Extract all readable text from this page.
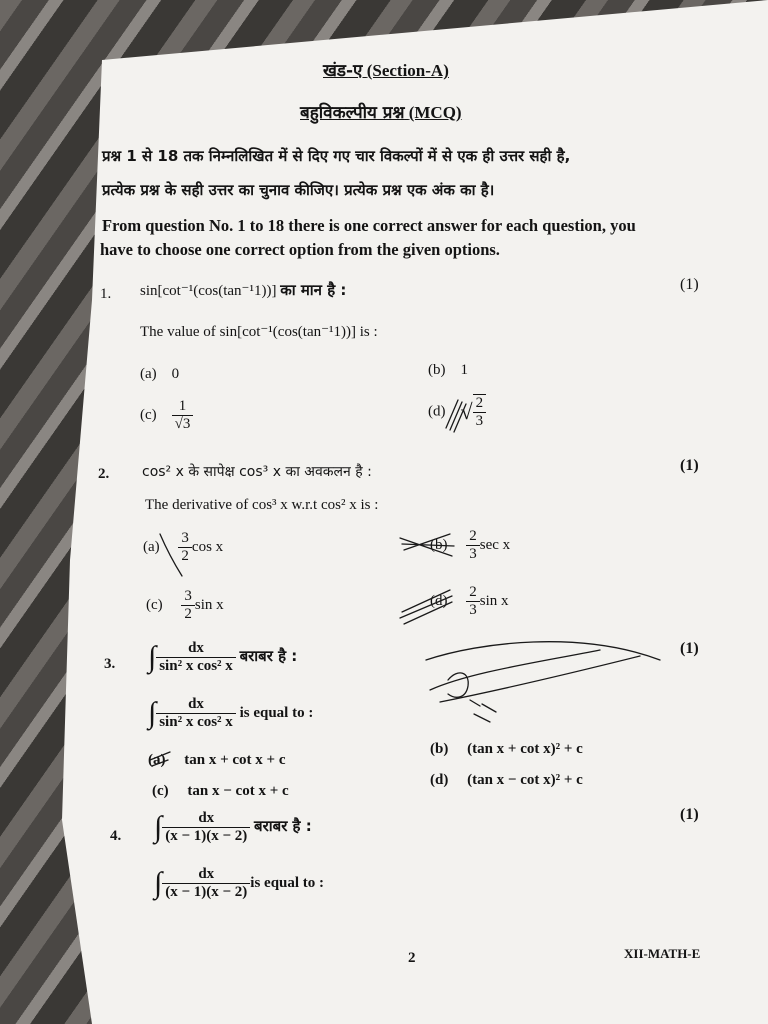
खंड-ए (Section-A)
बहुविकल्पीय प्रश्न (MCQ)
प्रश्न 1 से 18 तक निम्नलिखित में से दिए गए चार विकल्पों में से एक ही उत्तर सही है,
प्रत्येक प्रश्न के सही उत्तर का चुनाव कीजिए। प्रत्येक प्रश्न एक अंक का है।
From question No. 1 to 18 there is one correct answer for each question, you
have to choose one correct option from the given options.
1. sin[cot⁻¹(cos(tan⁻¹1))] का मान है :	(1)
The value of sin[cot⁻¹(cos(tan⁻¹1))] is :
(a) 0	(b) 1
$(c) \frac{1}{√3}$	(d) √ $\frac{2}{3}$
2. cos² x के सापेक्ष cos³ x का अवकलन है :	(1)
The derivative of cos³ x w.r.t cos² x is :
$(a) \frac{3}{2}$ cos x	$(b) \frac{2}{3}$ sec x
$(c) \frac{3}{2}$ sin x	$(d) \frac{2}{3}$ sin x
3. ∫ $\frac{dx}{\text{sin² x cos² x}}$ बराबर है :	(1)
∫ $\frac{dx}{\text{sin² x cos² x}}$ is equal to :
(a) tan x + cot x + c
(b) (tan x + cot x)² + c
(c) tan x − cot x + c
(d) (tan x − cot x)² + c
4. ∫ $\frac{dx}{(x - 1)(x - 2)}$ बराबर है :
(1)
∫ $\frac{dx}{(x - 1)(x - 2)}$ is equal to :
2	XII-MATH-E
